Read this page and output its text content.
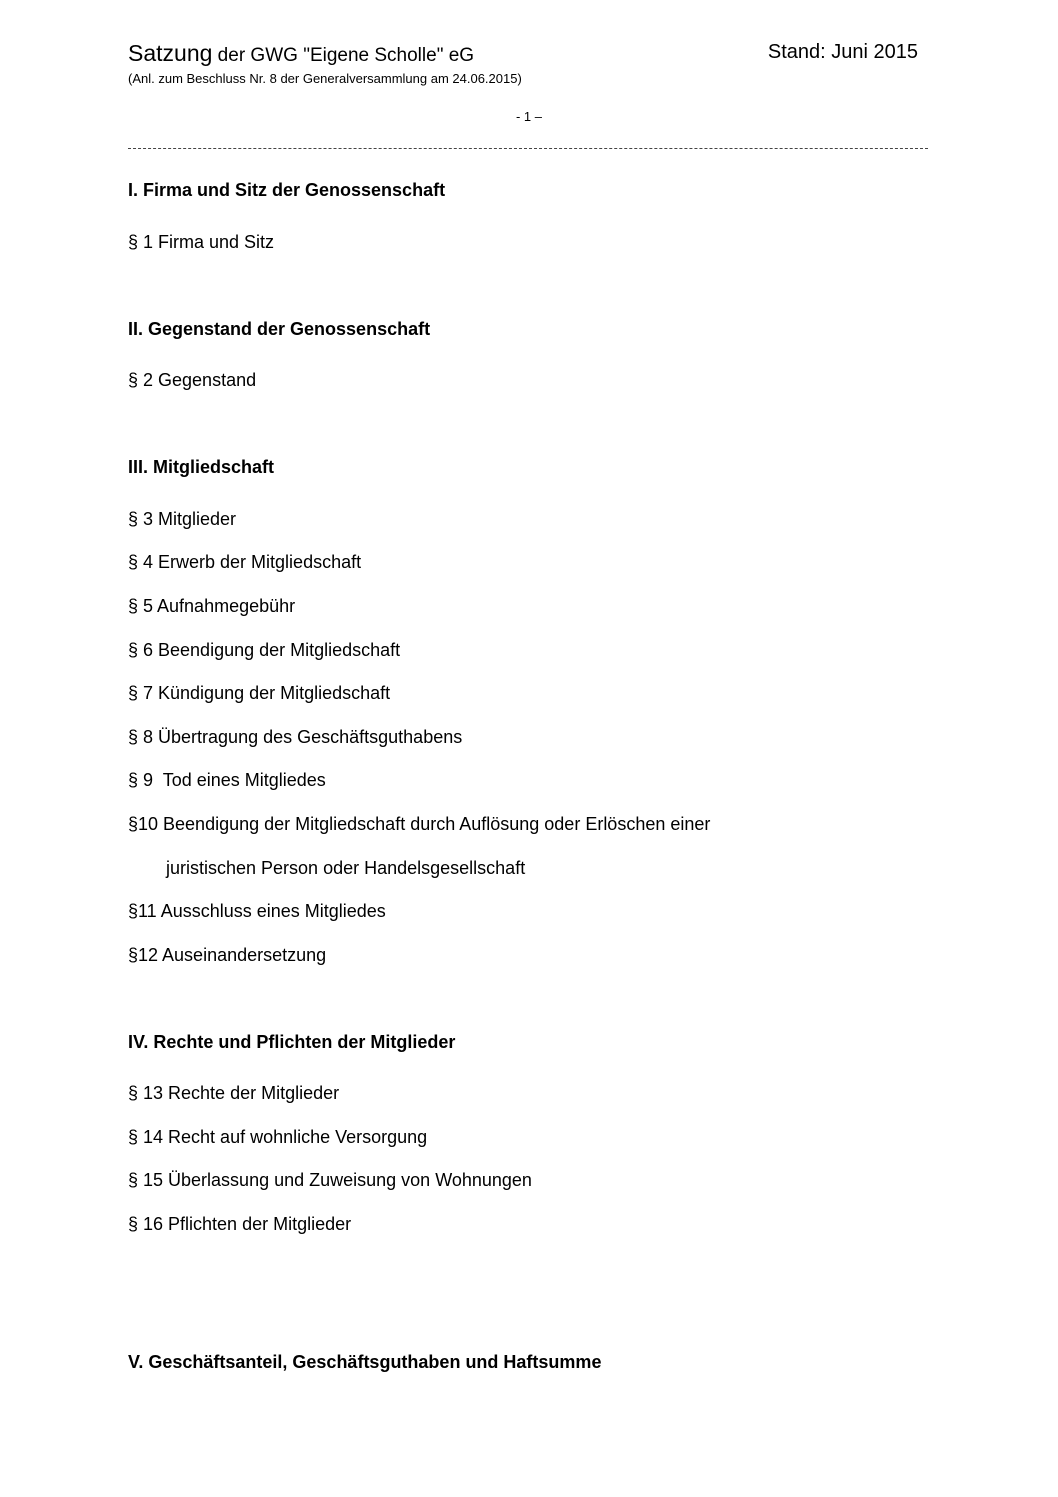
Satzung der GWG "Eigene Scholle" eG	Stand: Juni 2015
(Anl. zum Beschluss Nr. 8 der Generalversammlung am 24.06.2015)
- 1 –
I. Firma und Sitz der Genossenschaft
§ 1 Firma und Sitz
II. Gegenstand der Genossenschaft
§ 2 Gegenstand
III. Mitgliedschaft
§ 3 Mitglieder
§ 4 Erwerb der Mitgliedschaft
§ 5 Aufnahmegebühr
§ 6 Beendigung der Mitgliedschaft
§ 7 Kündigung der Mitgliedschaft
§ 8 Übertragung des Geschäftsguthabens
§ 9  Tod eines Mitgliedes
§10 Beendigung der Mitgliedschaft durch Auflösung oder Erlöschen einer
juristischen Person oder Handelsgesellschaft
§11 Ausschluss eines Mitgliedes
§12 Auseinandersetzung
IV. Rechte und Pflichten der Mitglieder
§ 13 Rechte der Mitglieder
§ 14 Recht auf wohnliche Versorgung
§ 15 Überlassung und Zuweisung von Wohnungen
§ 16 Pflichten der Mitglieder
V. Geschäftsanteil, Geschäftsguthaben und Haftsumme
